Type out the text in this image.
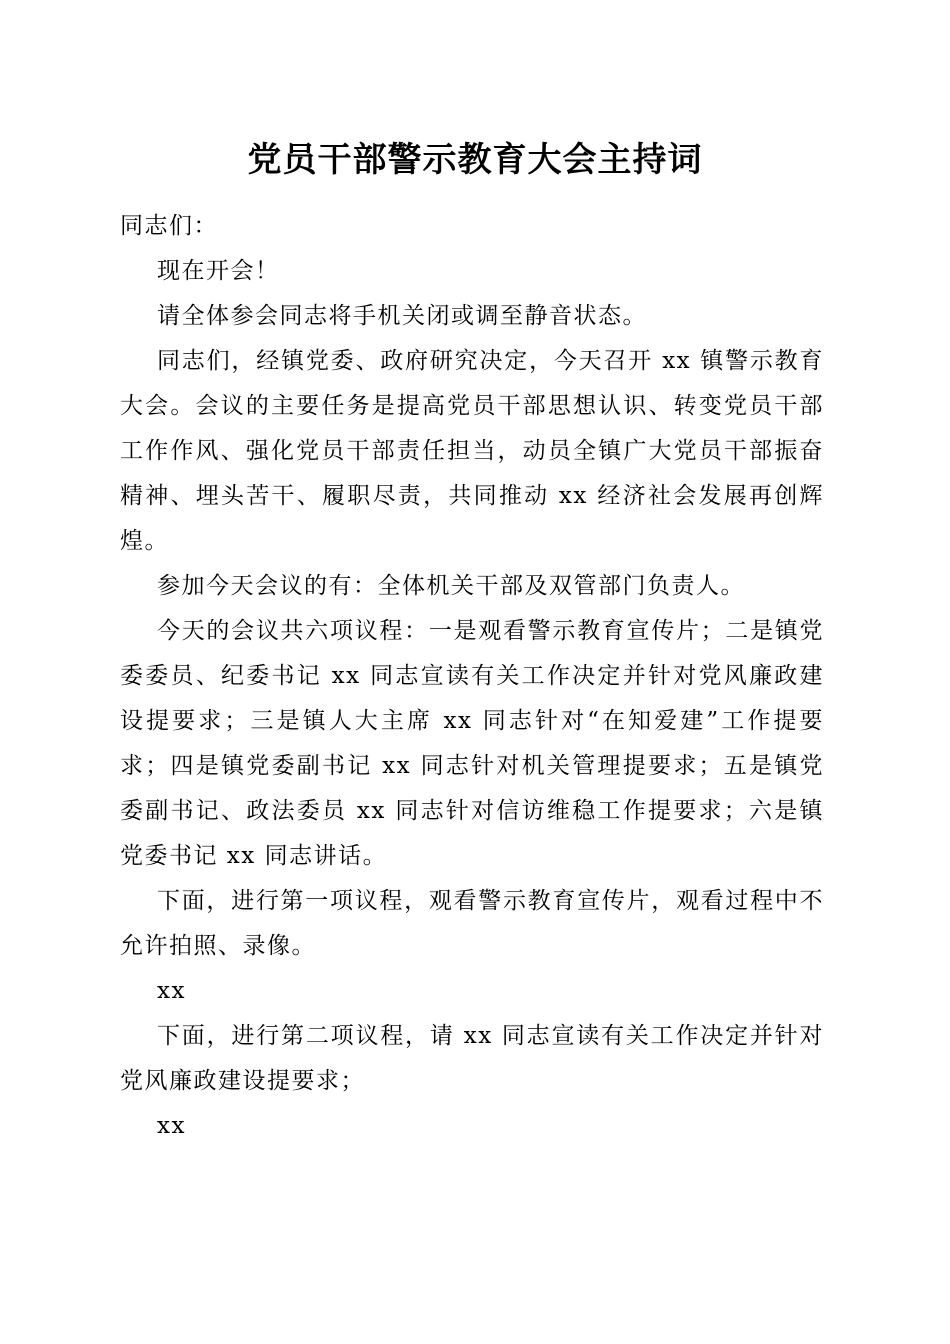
党员干部警示教育大会主持词

同志们：

现在开会！

请全体参会同志将手机关闭或调至静音状态。

同志们，经镇党委、政府研究决定，今天召开 xx 镇警示教育大会。会议的主要任务是提高党员干部思想认识、转变党员干部工作作风、强化党员干部责任担当，动员全镇广大党员干部振奋精神、埋头苦干、履职尽责，共同推动 xx 经济社会发展再创辉煌。

参加今天会议的有：全体机关干部及双管部门负责人。

今天的会议共六项议程：一是观看警示教育宣传片；二是镇党委委员、纪委书记 xx 同志宣读有关工作决定并针对党风廉政建设提要求；三是镇人大主席 xx 同志针对“在知爱建”工作提要求；四是镇党委副书记 xx 同志针对机关管理提要求；五是镇党委副书记、政法委员 xx 同志针对信访维稳工作提要求；六是镇党委书记 xx 同志讲话。

下面，进行第一项议程，观看警示教育宣传片，观看过程中不允许拍照、录像。

xx

下面，进行第二项议程，请 xx 同志宣读有关工作决定并针对党风廉政建设提要求；

xx
